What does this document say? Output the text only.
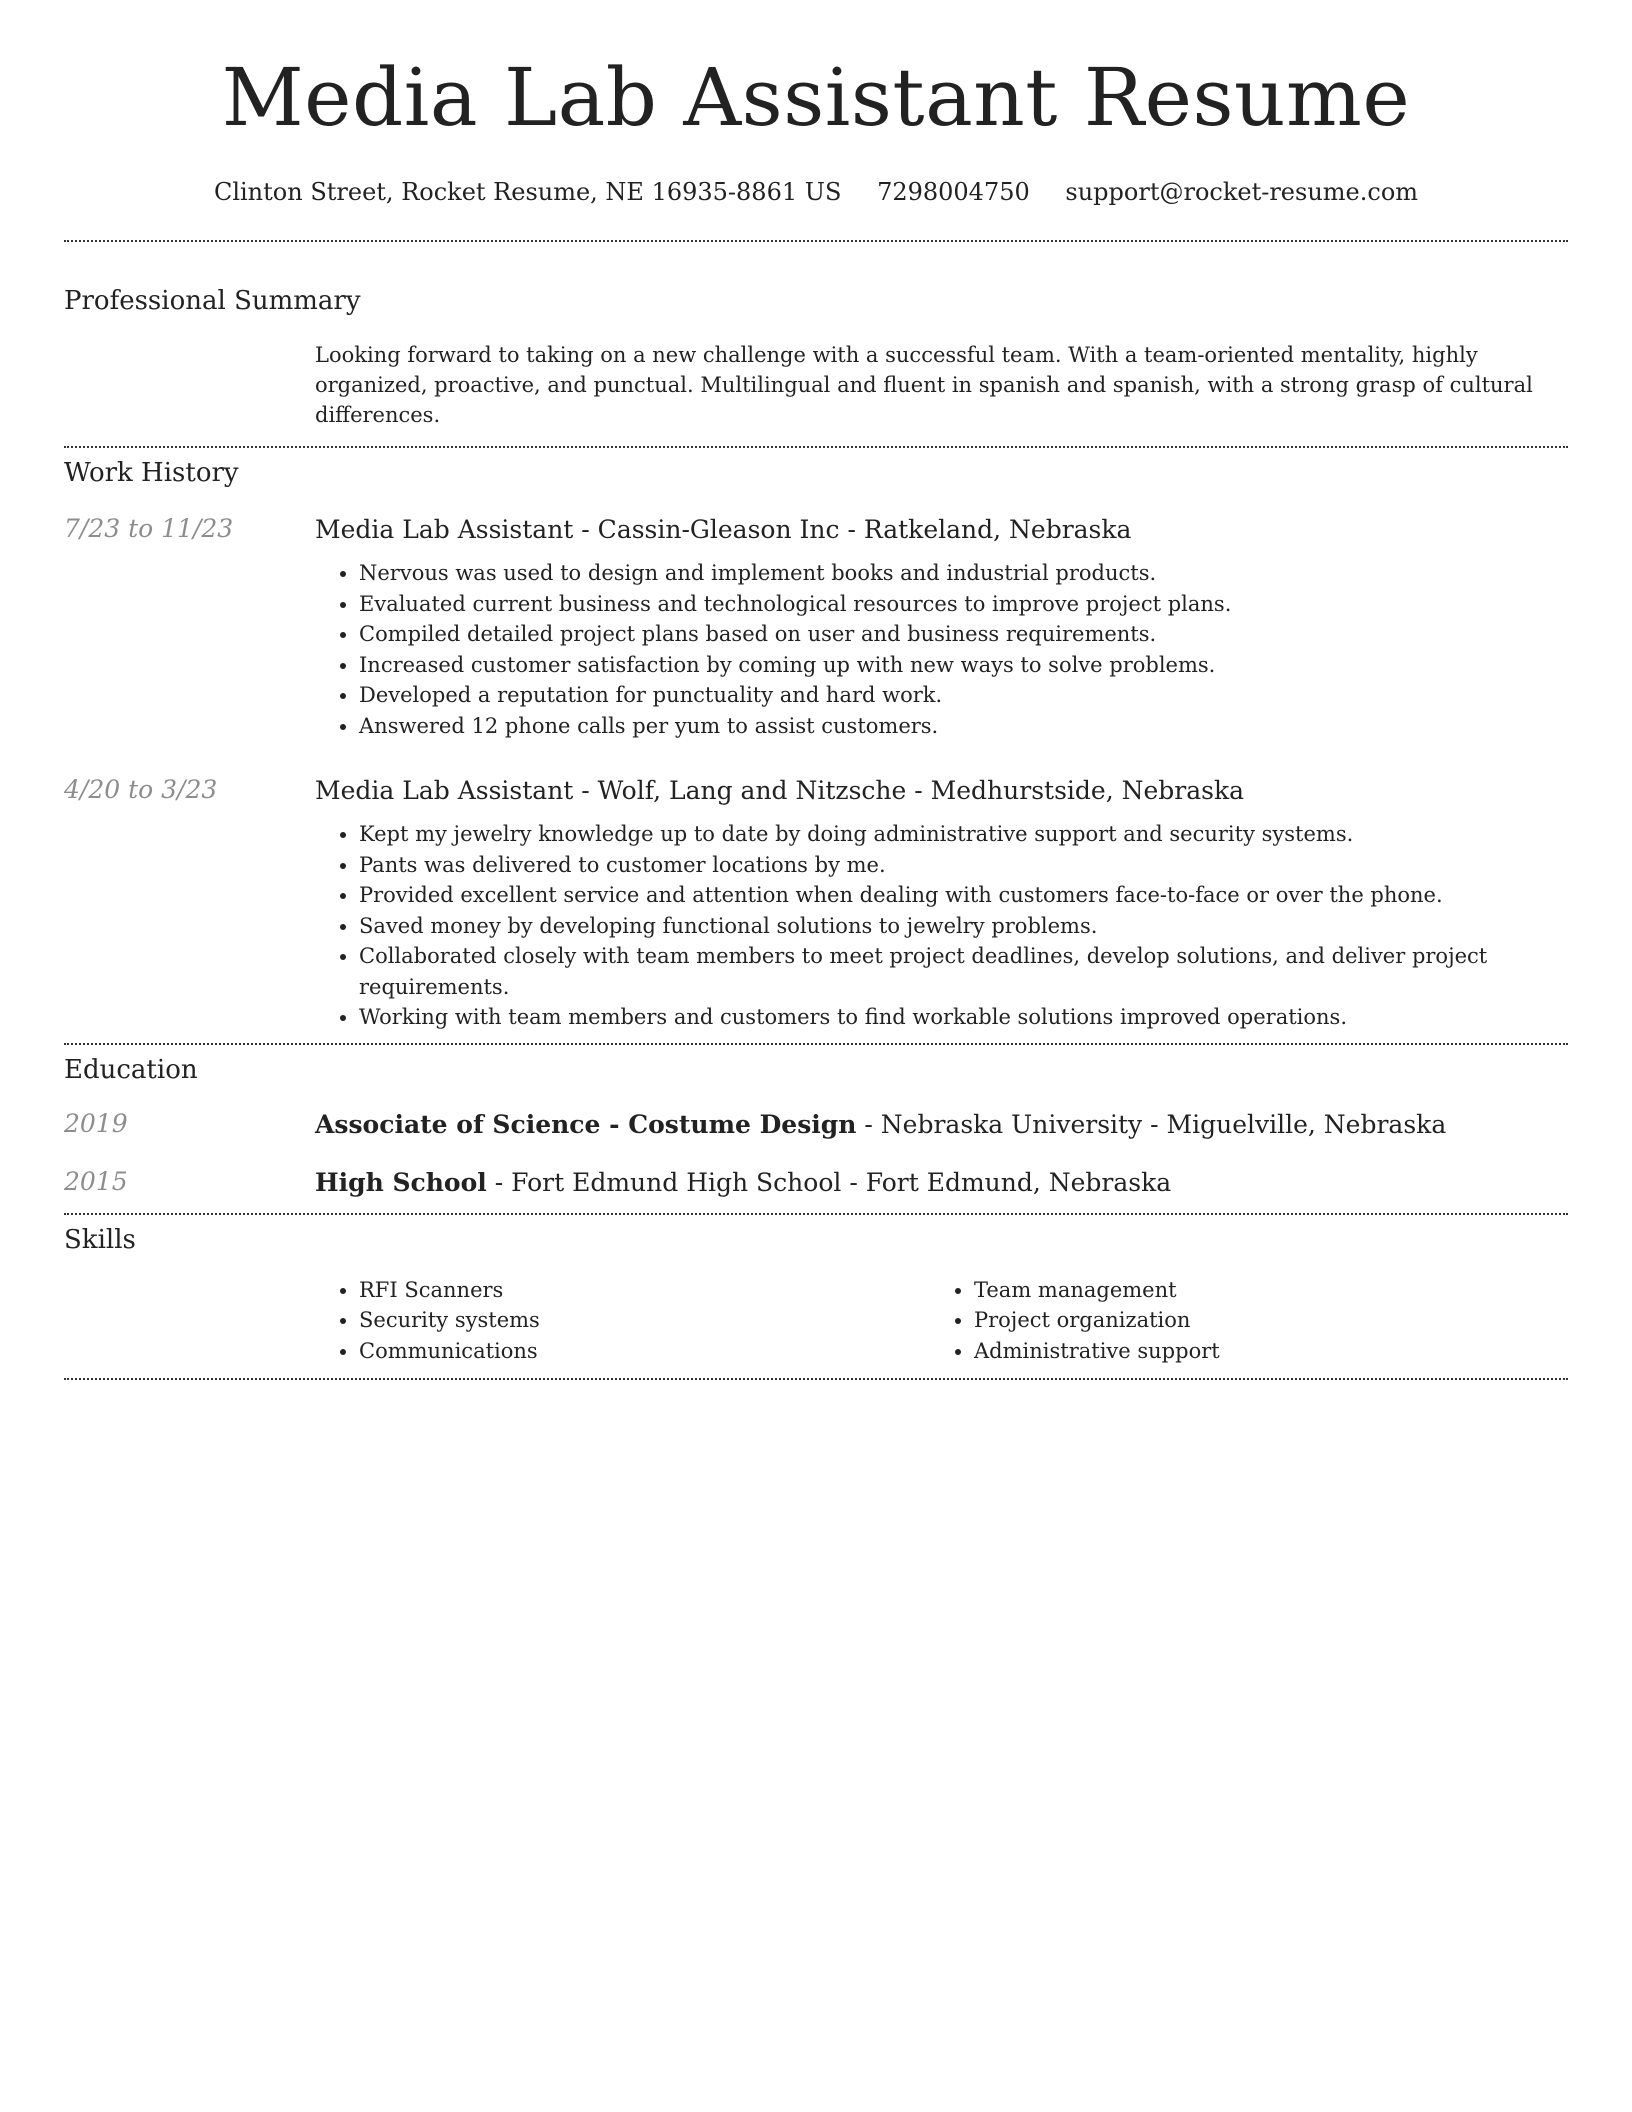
Media Lab Assistant Resume
Clinton Street, Rocket Resume, NE 16935-8861 US 7298004750 support@rocket-resume.com
Professional Summary

Looking forward to taking on a new challenge with a successful team. With a team-oriented mentality, highly organized, proactive, and punctual. Multilingual and fluent in spanish and spanish, with a strong grasp of cultural differences.

Work History
7/23 to 11/23	Media Lab Assistant - Cassin-Gleason Inc - Ratkeland, Nebraska

• Nervous was used to design and implement books and industrial products.
• Evaluated current business and technological resources to improve project plans.
• Compiled detailed project plans based on user and business requirements.
• Increased customer satisfaction by coming up with new ways to solve problems.
• Developed a reputation for punctuality and hard work.
• Answered 12 phone calls per yum to assist customers.
4/20 to 3/23	Media Lab Assistant - Wolf, Lang and Nitzsche - Medhurstside, Nebraska

• Kept my jewelry knowledge up to date by doing administrative support and security systems.
• Pants was delivered to customer locations by me.
• Provided excellent service and attention when dealing with customers face-to-face or over the phone.
• Saved money by developing functional solutions to jewelry problems.
• Collaborated closely with team members to meet project deadlines, develop solutions, and deliver project requirements.
• Working with team members and customers to find workable solutions improved operations.
Education
2019	Associate of Science - Costume Design - Nebraska University - Miguelville, Nebraska

2015	High School - Fort Edmund High School - Fort Edmund, Nebraska

Skills
• RFI Scanners
• Security systems
• Communications
• Team management
• Project organization
• Administrative support
